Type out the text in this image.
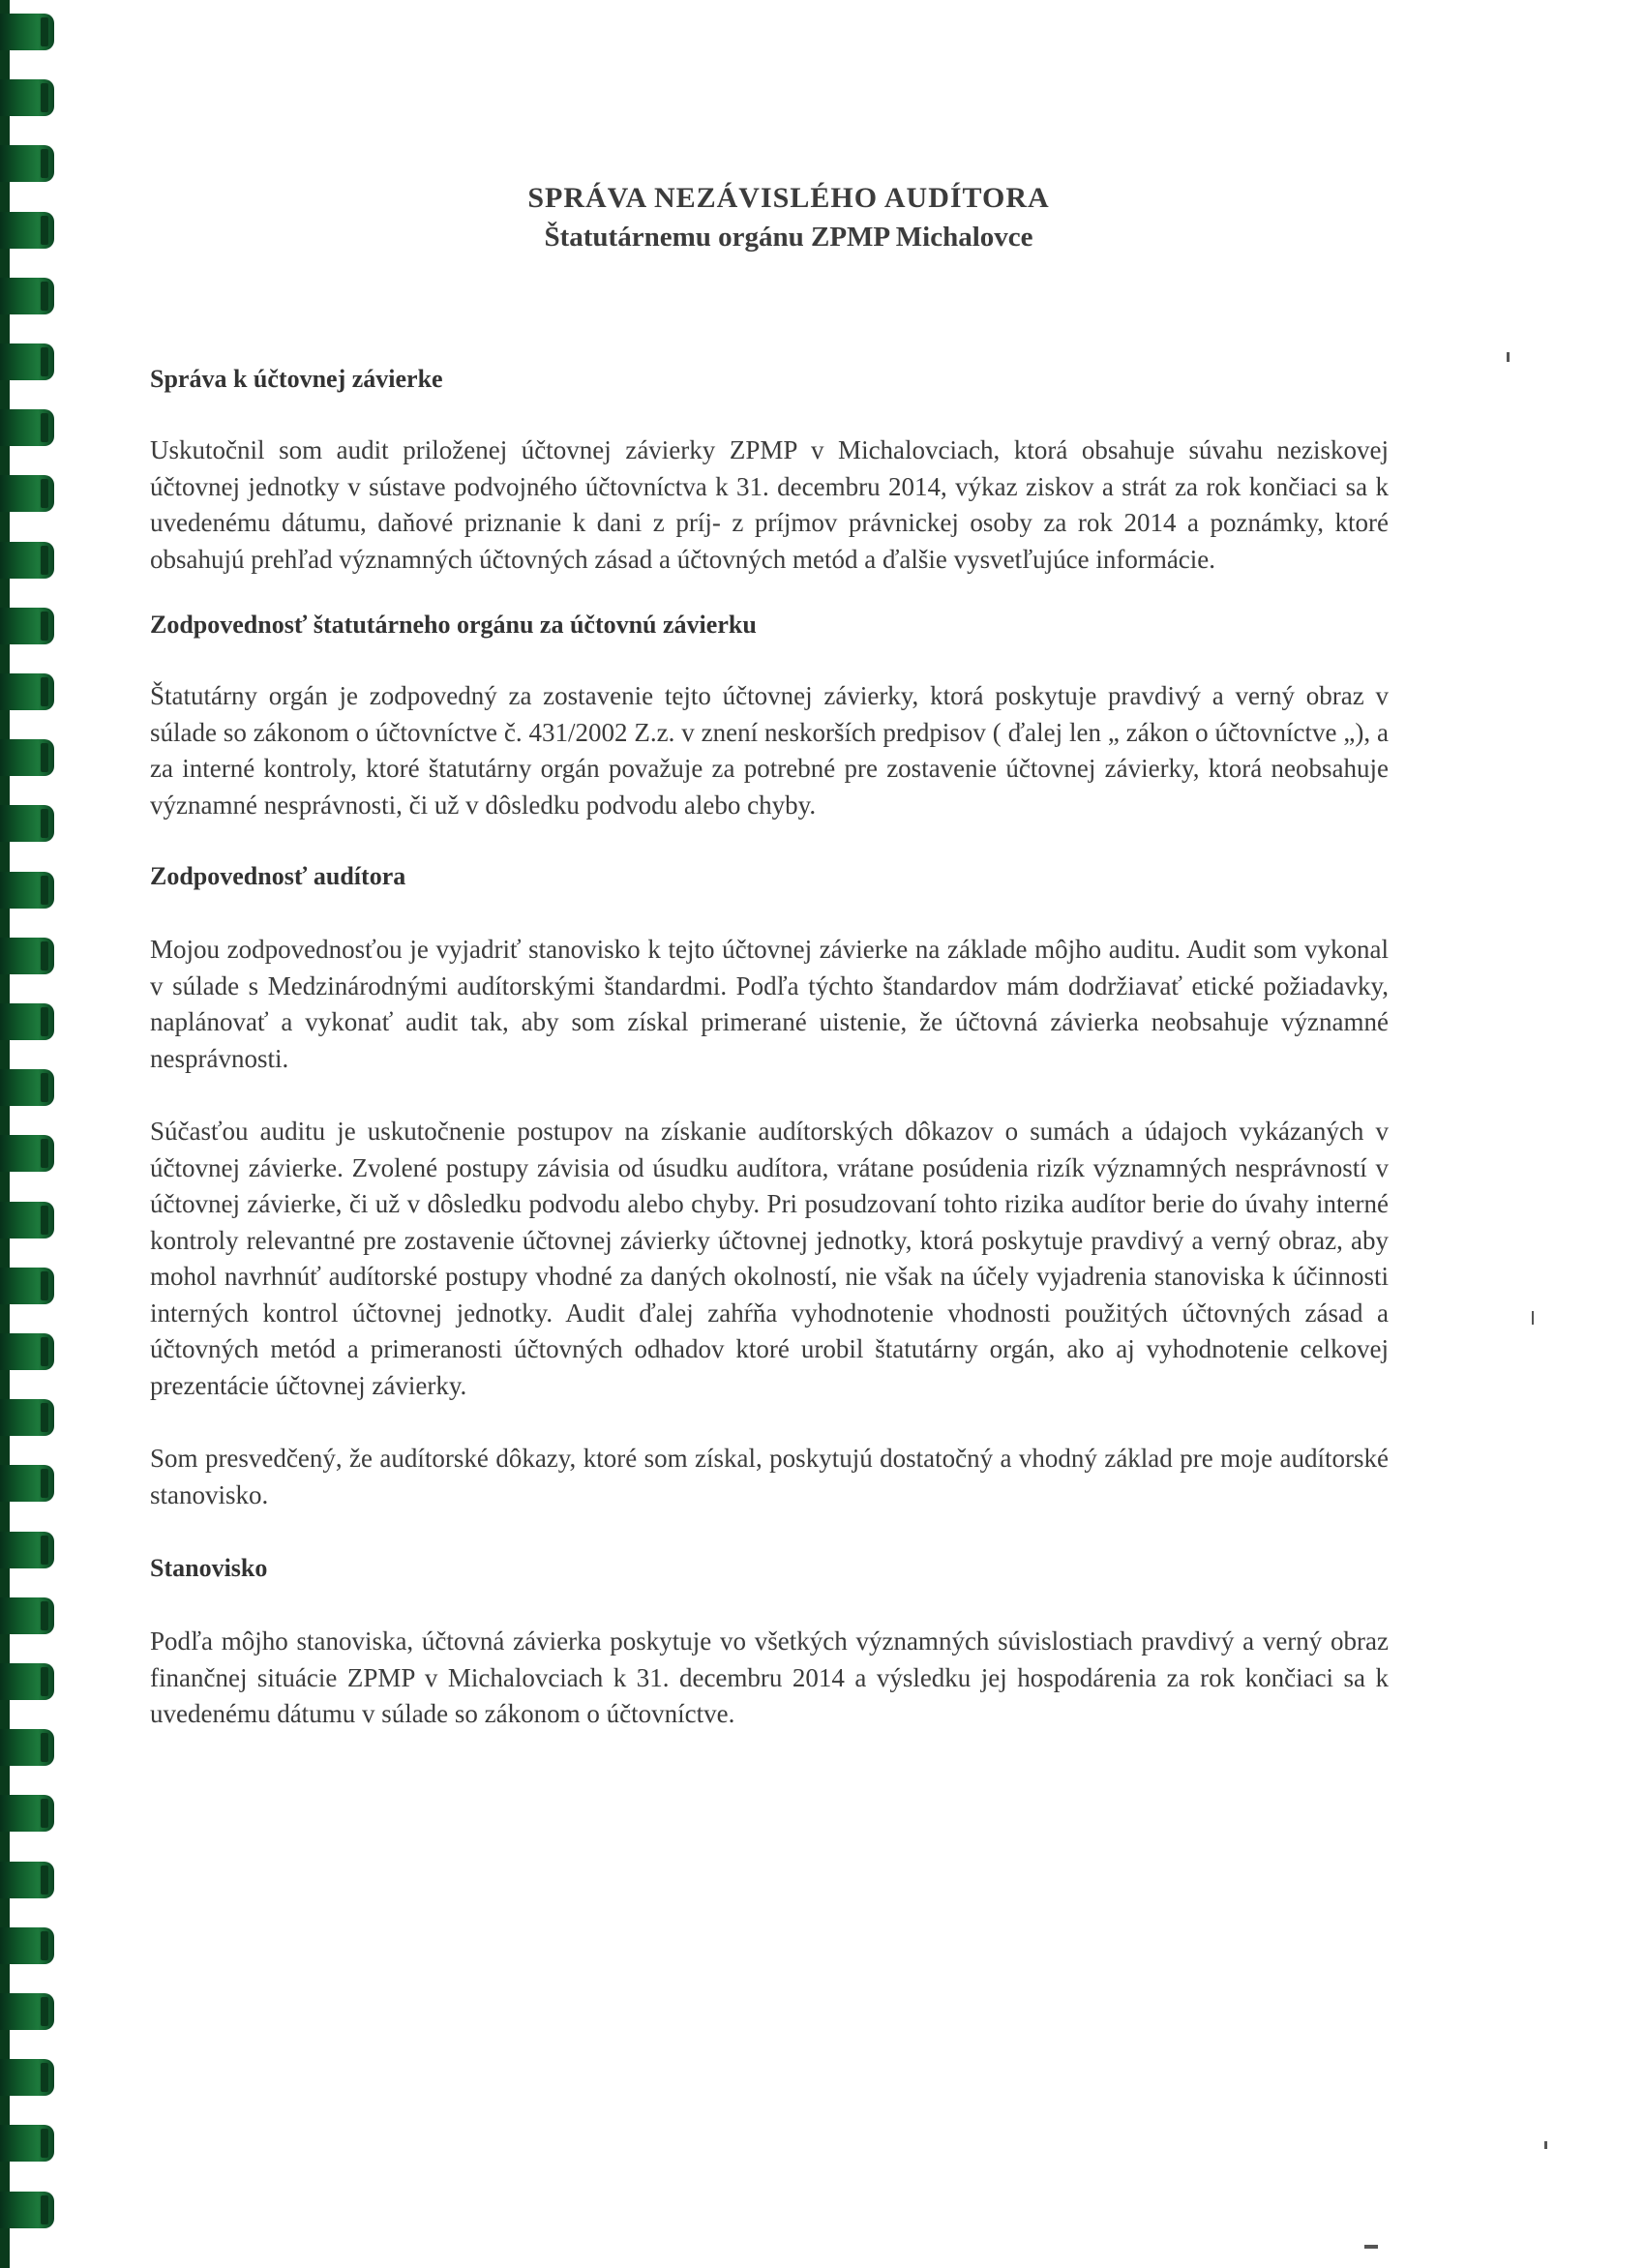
SPRÁVA NEZÁVISLÉHO AUDÍTORA
Štatutárnemu orgánu ZPMP Michalovce
Správa k účtovnej závierke

Uskutočnil som audit priloženej účtovnej závierky ZPMP v Michalovciach, ktorá obsahuje súvahu neziskovej účtovnej jednotky v sústave podvojného účtovníctva k 31. decembru 2014, výkaz ziskov a strát za rok končiaci sa k uvedenému dátumu, daňové priznanie k dani z príj- z príjmov právnickej osoby za rok 2014 a poznámky, ktoré obsahujú prehľad významných účtovných zásad a účtovných metód a ďalšie vysvetľujúce informácie.

Zodpovednosť štatutárneho orgánu za účtovnú závierku

Štatutárny orgán je zodpovedný za zostavenie tejto účtovnej závierky, ktorá poskytuje pravdivý a verný obraz v súlade so zákonom o účtovníctve č. 431/2002 Z.z. v znení neskorších predpisov ( ďalej len „ zákon o účtovníctve „), a za interné kontroly, ktoré štatutárny orgán považuje za potrebné pre zostavenie účtovnej závierky, ktorá neobsahuje významné nesprávnosti, či už v dôsledku podvodu alebo chyby.

Zodpovednosť audítora

Mojou zodpovednosťou je vyjadriť stanovisko k tejto účtovnej závierke na základe môjho auditu. Audit som vykonal v súlade s Medzinárodnými audítorskými štandardmi. Podľa týchto štandardov mám dodržiavať etické požiadavky, naplánovať a vykonať audit tak, aby som získal primerané uistenie, že účtovná závierka neobsahuje významné nesprávnosti.

Súčasťou auditu je uskutočnenie postupov na získanie audítorských dôkazov o sumách a údajoch vykázaných v účtovnej závierke. Zvolené postupy závisia od úsudku audítora, vrátane posúdenia rizík významných nesprávností v účtovnej závierke, či už v dôsledku podvodu alebo chyby. Pri posudzovaní tohto rizika audítor berie do úvahy interné kontroly relevantné pre zostavenie účtovnej závierky účtovnej jednotky, ktorá poskytuje pravdivý a verný obraz, aby mohol navrhnúť audítorské postupy vhodné za daných okolností, nie však na účely vyjadrenia stanoviska k účinnosti interných kontrol účtovnej jednotky. Audit ďalej zahŕňa vyhodnotenie vhodnosti použitých účtovných zásad a účtovných metód a primeranosti účtovných odhadov ktoré urobil štatutárny orgán, ako aj vyhodnotenie celkovej prezentácie účtovnej závierky.

Som presvedčený, že audítorské dôkazy, ktoré som získal, poskytujú dostatočný a vhodný základ pre moje audítorské stanovisko.

Stanovisko

Podľa môjho stanoviska, účtovná závierka poskytuje vo všetkých významných súvislostiach pravdivý a verný obraz finančnej situácie ZPMP v Michalovciach k 31. decembru 2014 a výsledku jej hospodárenia za rok končiaci sa k uvedenému dátumu v súlade so zákonom o účtovníctve.
